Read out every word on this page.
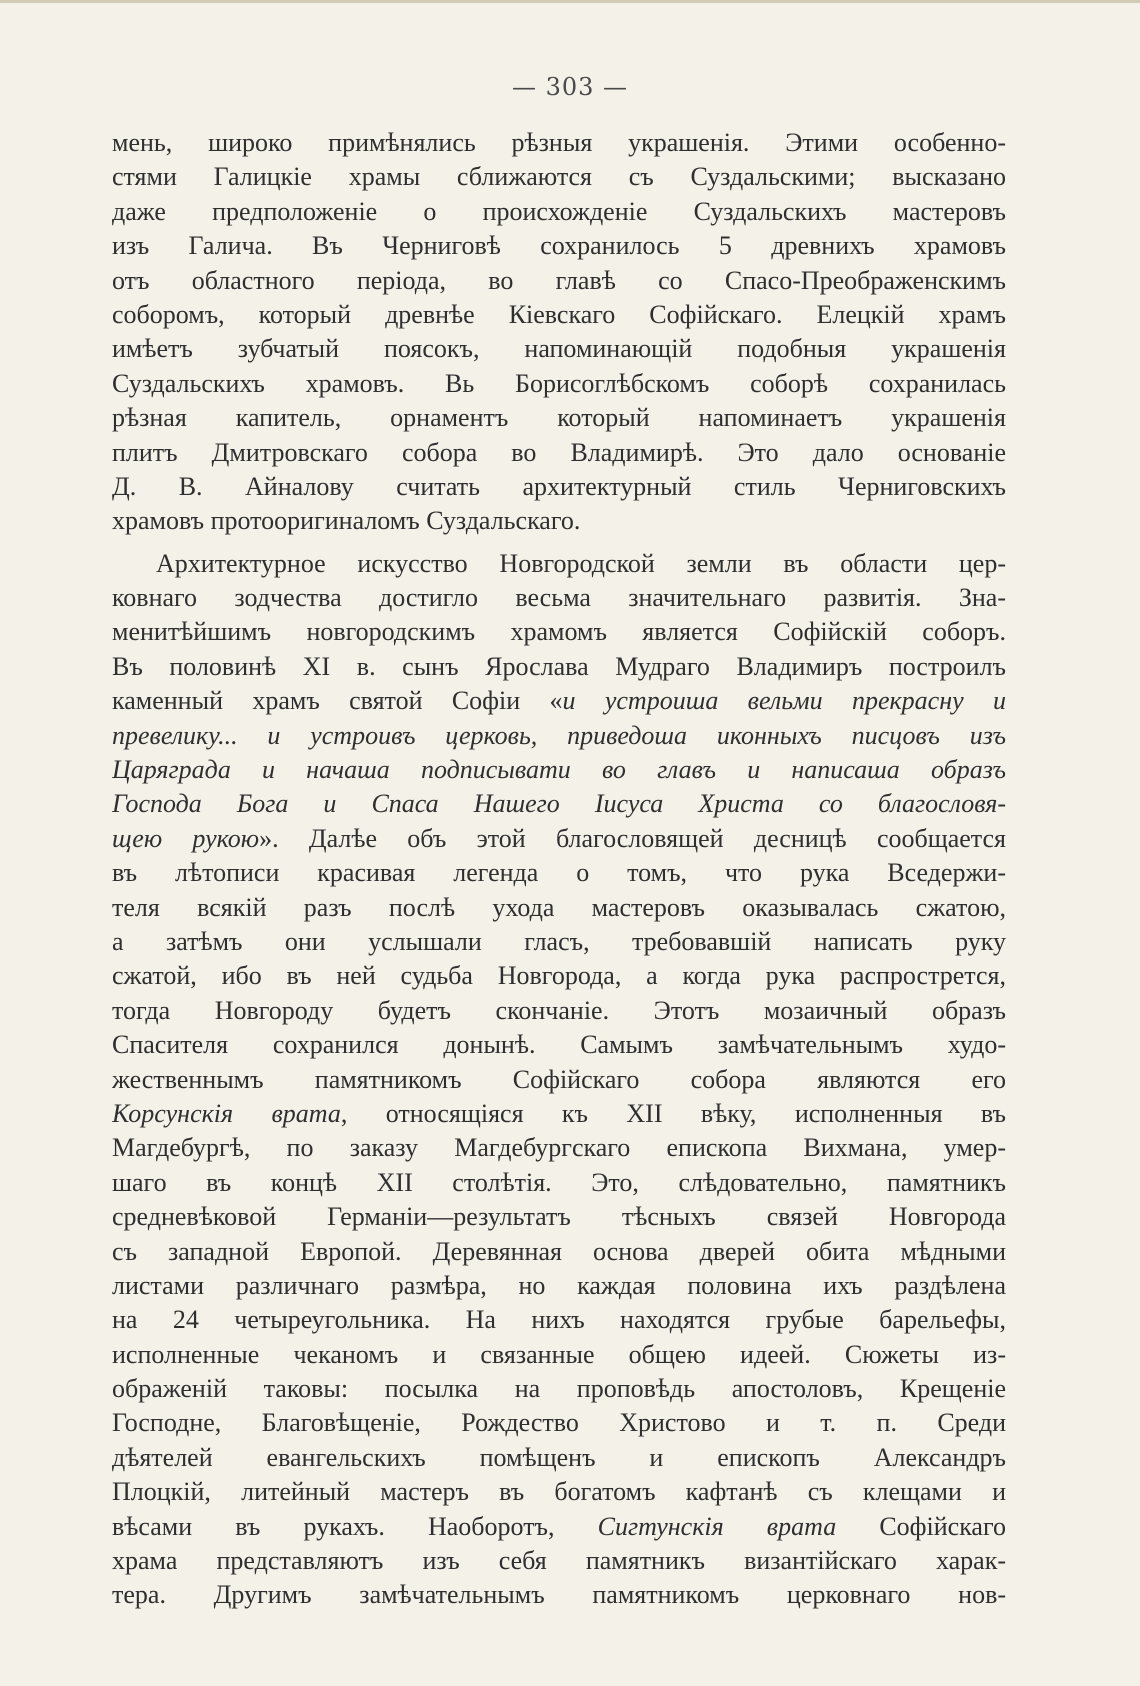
— 303 —
мень, широко примѣнялись рѣзныя украшенія. Этими особенно-
стями Галицкіе храмы сближаются съ Суздальскими; высказано
даже предположеніе о происхожденіе Суздальскихъ мастеровъ
изъ Галича. Въ Черниговѣ сохранилось 5 древнихъ храмовъ
отъ областного періода, во главѣ со Спасо-Преображенскимъ
соборомъ, который древнѣе Кіевскаго Софійскаго. Елецкій храмъ
имѣетъ зубчатый поясокъ, напоминающій подобныя украшенія
Суздальскихъ храмовъ. Вь Борисоглѣбскомъ соборѣ сохранилась
рѣзная капитель, орнаментъ который напоминаетъ украшенія
плитъ Дмитровскаго собора во Владимирѣ. Это дало основаніе
Д. В. Айналову считать архитектурный стиль Черниговскихъ
храмовъ протооригиналомъ Суздальскаго.
Архитектурное искусство Новгородской земли въ области цер-
ковнаго зодчества достигло весьма значительнаго развитія. Зна-
менитѣйшимъ новгородскимъ храмомъ является Софійскій соборъ.
Въ половинѣ XI в. сынъ Ярослава Мудраго Владимиръ построилъ
каменный храмъ святой Софіи «и устроиша вельми прекрасну и
превелику... и устроивъ церковь, приведоша иконныхъ писцовъ изъ
Царяграда и начаша подписывати во главъ и написаша образъ
Господа Бога и Спаса Нашего Іисуса Христа со благословя-
щею рукою». Далѣе объ этой благословящей десницѣ сообщается
въ лѣтописи красивая легенда о томъ, что рука Вседержи-
теля всякій разъ послѣ ухода мастеровъ оказывалась сжатою,
а затѣмъ они услышали гласъ, требовавшій написать руку
сжатой, ибо въ ней судьба Новгорода, а когда рука распрострется,
тогда Новгороду будетъ скончаніе. Этотъ мозаичный образъ
Спасителя сохранился донынѣ. Самымъ замѣчательнымъ худо-
жественнымъ памятникомъ Софійскаго собора являются его
Корсунскія врата, относящіяся къ XII вѣку, исполненныя въ
Магдебургѣ, по заказу Магдебургскаго епископа Вихмана, умер-
шаго въ концѣ XII столѣтія. Это, слѣдовательно, памятникъ
средневѣковой Германіи—результатъ тѣсныхъ связей Новгорода
съ западной Европой. Деревянная основа дверей обита мѣдными
листами различнаго размѣра, но каждая половина ихъ раздѣлена
на 24 четыреугольника. На нихъ находятся грубые барельефы,
исполненные чеканомъ и связанные общею идеей. Сюжеты из-
ображеній таковы: посылка на проповѣдь апостоловъ, Крещеніе
Господне, Благовѣщеніе, Рождество Христово и т. п. Среди
дѣятелей евангельскихъ помѣщенъ и епископъ Александръ
Плоцкій, литейный мастеръ въ богатомъ кафтанѣ съ клещами и
вѣсами въ рукахъ. Наоборотъ, Сигтунскія врата Софійскаго
храма представляютъ изъ себя памятникъ византійскаго харак-
тера. Другимъ замѣчательнымъ памятникомъ церковнаго нов-
